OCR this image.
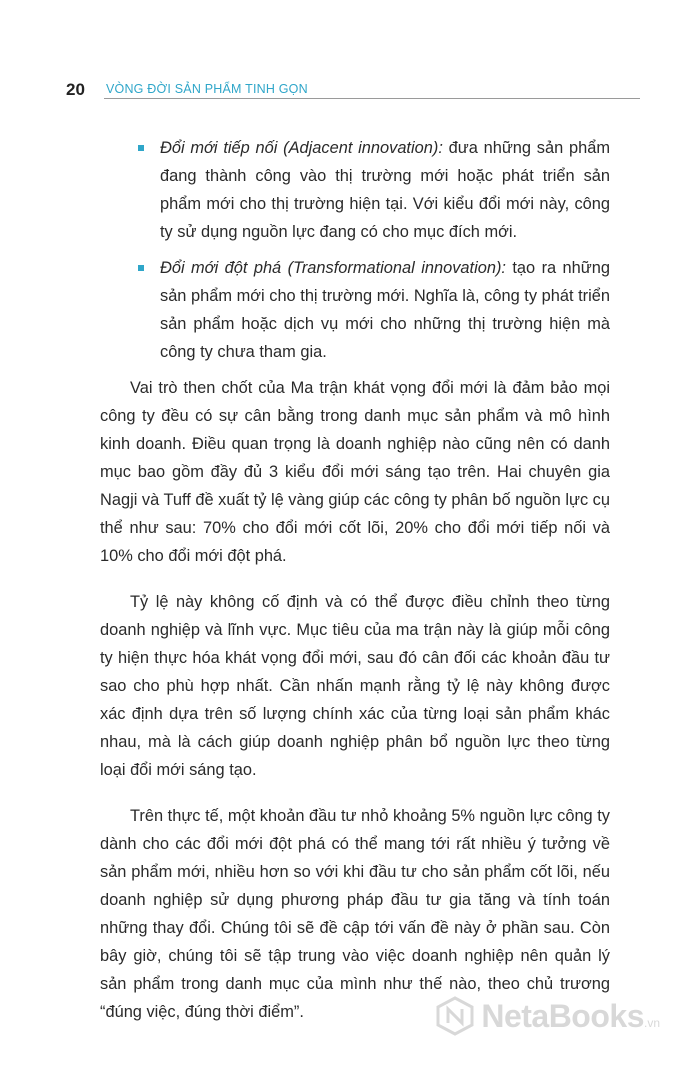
20 VÒNG ĐỜI SẢN PHẨM TINH GỌN
Đổi mới tiếp nối (Adjacent innovation): đưa những sản phẩm đang thành công vào thị trường mới hoặc phát triển sản phẩm mới cho thị trường hiện tại. Với kiểu đổi mới này, công ty sử dụng nguồn lực đang có cho mục đích mới.
Đổi mới đột phá (Transformational innovation): tạo ra những sản phẩm mới cho thị trường mới. Nghĩa là, công ty phát triển sản phẩm hoặc dịch vụ mới cho những thị trường hiện mà công ty chưa tham gia.

Vai trò then chốt của Ma trận khát vọng đổi mới là đảm bảo mọi công ty đều có sự cân bằng trong danh mục sản phẩm và mô hình kinh doanh. Điều quan trọng là doanh nghiệp nào cũng nên có danh mục bao gồm đầy đủ 3 kiểu đổi mới sáng tạo trên. Hai chuyên gia Nagji và Tuff đề xuất tỷ lệ vàng giúp các công ty phân bố nguồn lực cụ thể như sau: 70% cho đổi mới cốt lõi, 20% cho đổi mới tiếp nối và 10% cho đổi mới đột phá.

Tỷ lệ này không cố định và có thể được điều chỉnh theo từng doanh nghiệp và lĩnh vực. Mục tiêu của ma trận này là giúp mỗi công ty hiện thực hóa khát vọng đổi mới, sau đó cân đối các khoản đầu tư sao cho phù hợp nhất. Cần nhấn mạnh rằng tỷ lệ này không được xác định dựa trên số lượng chính xác của từng loại sản phẩm khác nhau, mà là cách giúp doanh nghiệp phân bổ nguồn lực theo từng loại đổi mới sáng tạo.

Trên thực tế, một khoản đầu tư nhỏ khoảng 5% nguồn lực công ty dành cho các đổi mới đột phá có thể mang tới rất nhiều ý tưởng về sản phẩm mới, nhiều hơn so với khi đầu tư cho sản phẩm cốt lõi, nếu doanh nghiệp sử dụng phương pháp đầu tư gia tăng và tính toán những thay đổi. Chúng tôi sẽ đề cập tới vấn đề này ở phần sau. Còn bây giờ, chúng tôi sẽ tập trung vào việc doanh nghiệp nên quản lý sản phẩm trong danh mục của mình như thế nào, theo chủ trương “đúng việc, đúng thời điểm”.	NetaBooks .vn
